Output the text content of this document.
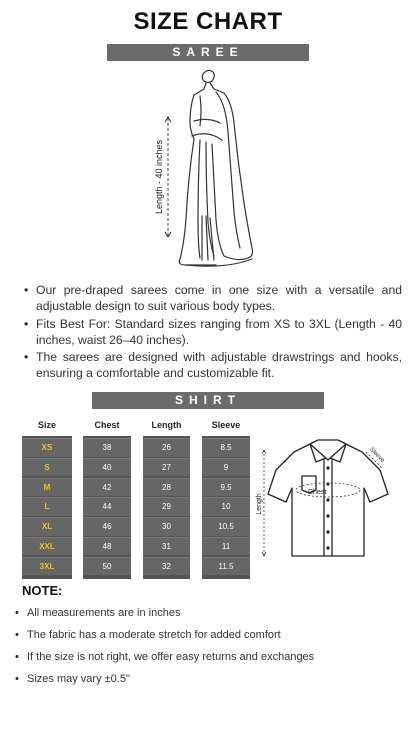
SIZE CHART
SAREE
Length - 40 inches
• Our pre-draped sarees come in one size with a versatile and adjustable design to suit various body types.
• Fits Best For: Standard sizes ranging from XS to 3XL (Length - 40 inches, waist 26–40 inches).
• The sarees are designed with adjustable drawstrings and hooks, ensuring a comfortable and customizable fit.
SHIRT
Size
XS
S
M
L
XL
XXL
3XL
Chest
38
40
42
44
46
48
50
Length
26
27
28
29
30
31
32
Sleeve
8.5
9
9.5
10
10.5
11
11.5
Length
Chest
Sleeve
NOTE:
• All measurements are in inches
• The fabric has a moderate stretch for added comfort
• If the size is not right, we offer easy returns and exchanges
• Sizes may vary ±0.5"
